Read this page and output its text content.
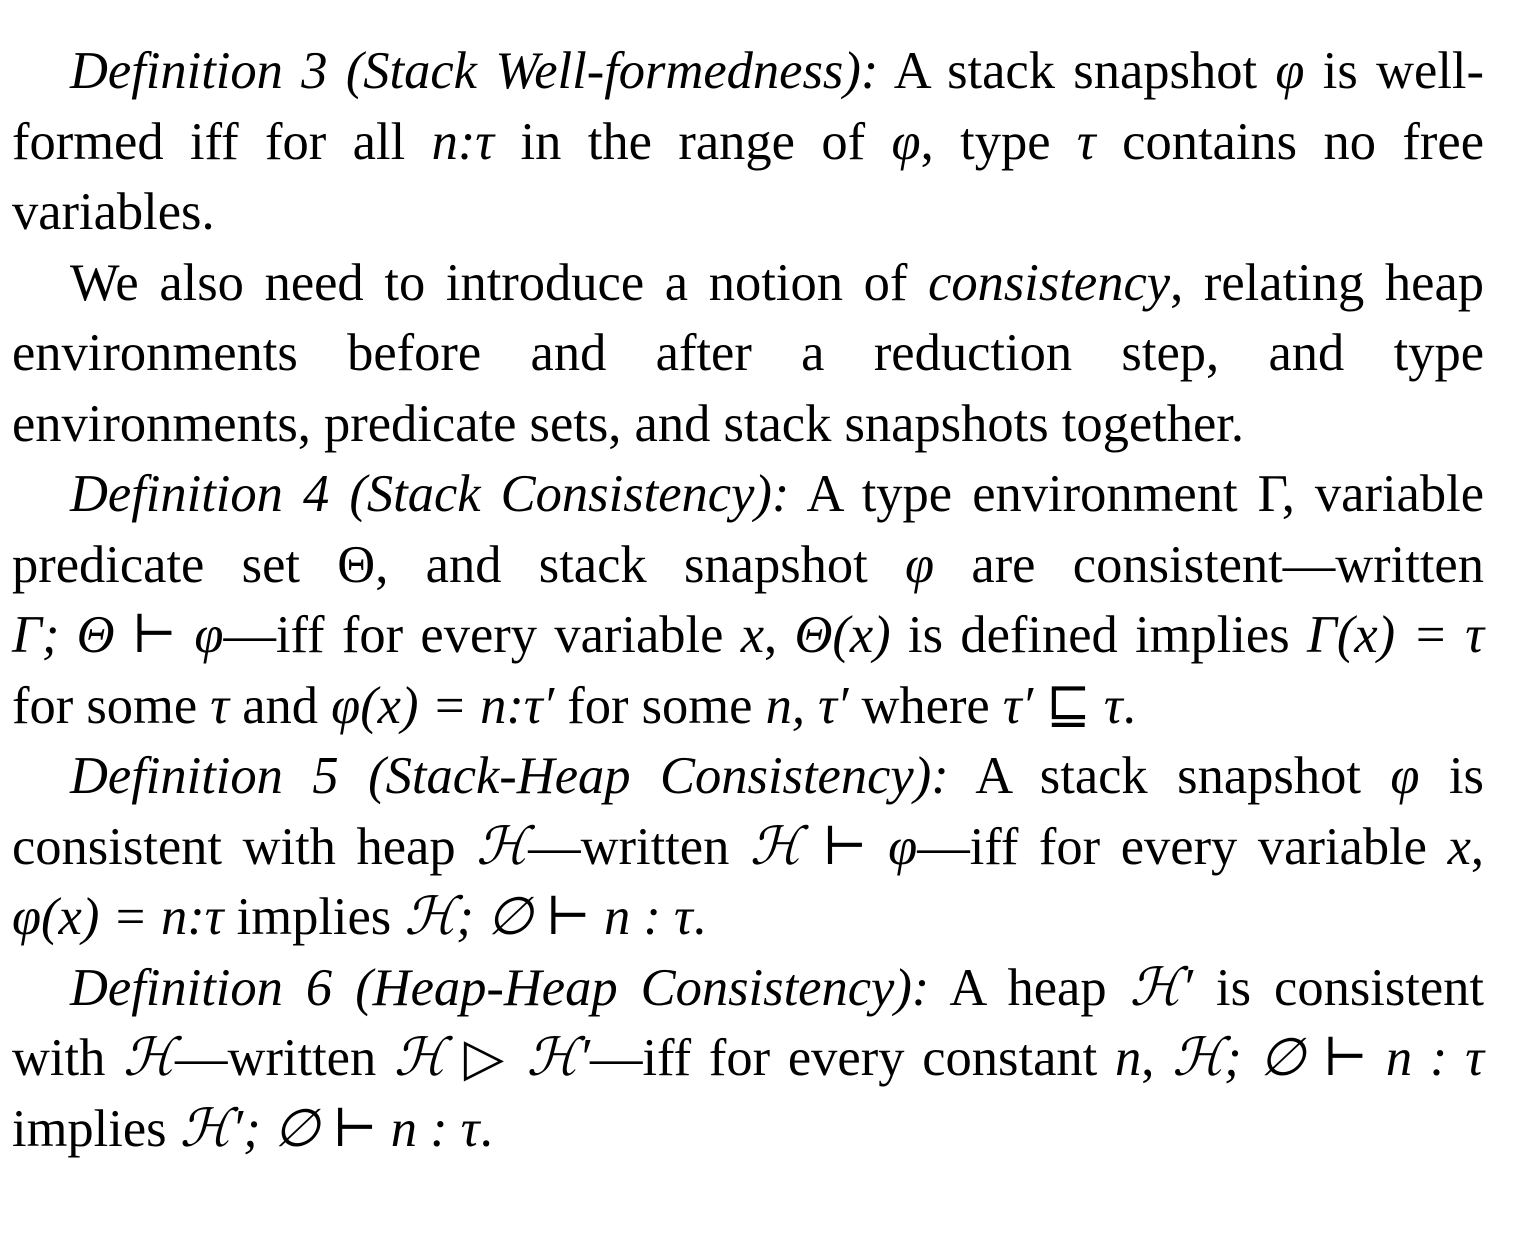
Definition 3 (Stack Well-formedness): A stack snapshot φ is well-formed iff for all n:τ in the range of φ, type τ contains no free variables.

We also need to introduce a notion of consistency, relating heap environments before and after a reduction step, and type environments, predicate sets, and stack snapshots together.

Definition 4 (Stack Consistency): A type environment Γ, variable predicate set Θ, and stack snapshot φ are consistent—written Γ; Θ ⊢ φ—iff for every variable x, Θ(x) is defined implies Γ(x) = τ for some τ and φ(x) = n:τ′ for some n, τ′ where τ′ ⊑ τ.

Definition 5 (Stack-Heap Consistency): A stack snapshot φ is consistent with heap ℋ—written ℋ ⊢ φ—iff for every variable x, φ(x) = n:τ implies ℋ; ∅ ⊢ n : τ.

Definition 6 (Heap-Heap Consistency): A heap ℋ′ is consistent with ℋ—written ℋ ▷ ℋ′—iff for every constant n, ℋ; ∅ ⊢ n : τ implies ℋ′; ∅ ⊢ n : τ.
